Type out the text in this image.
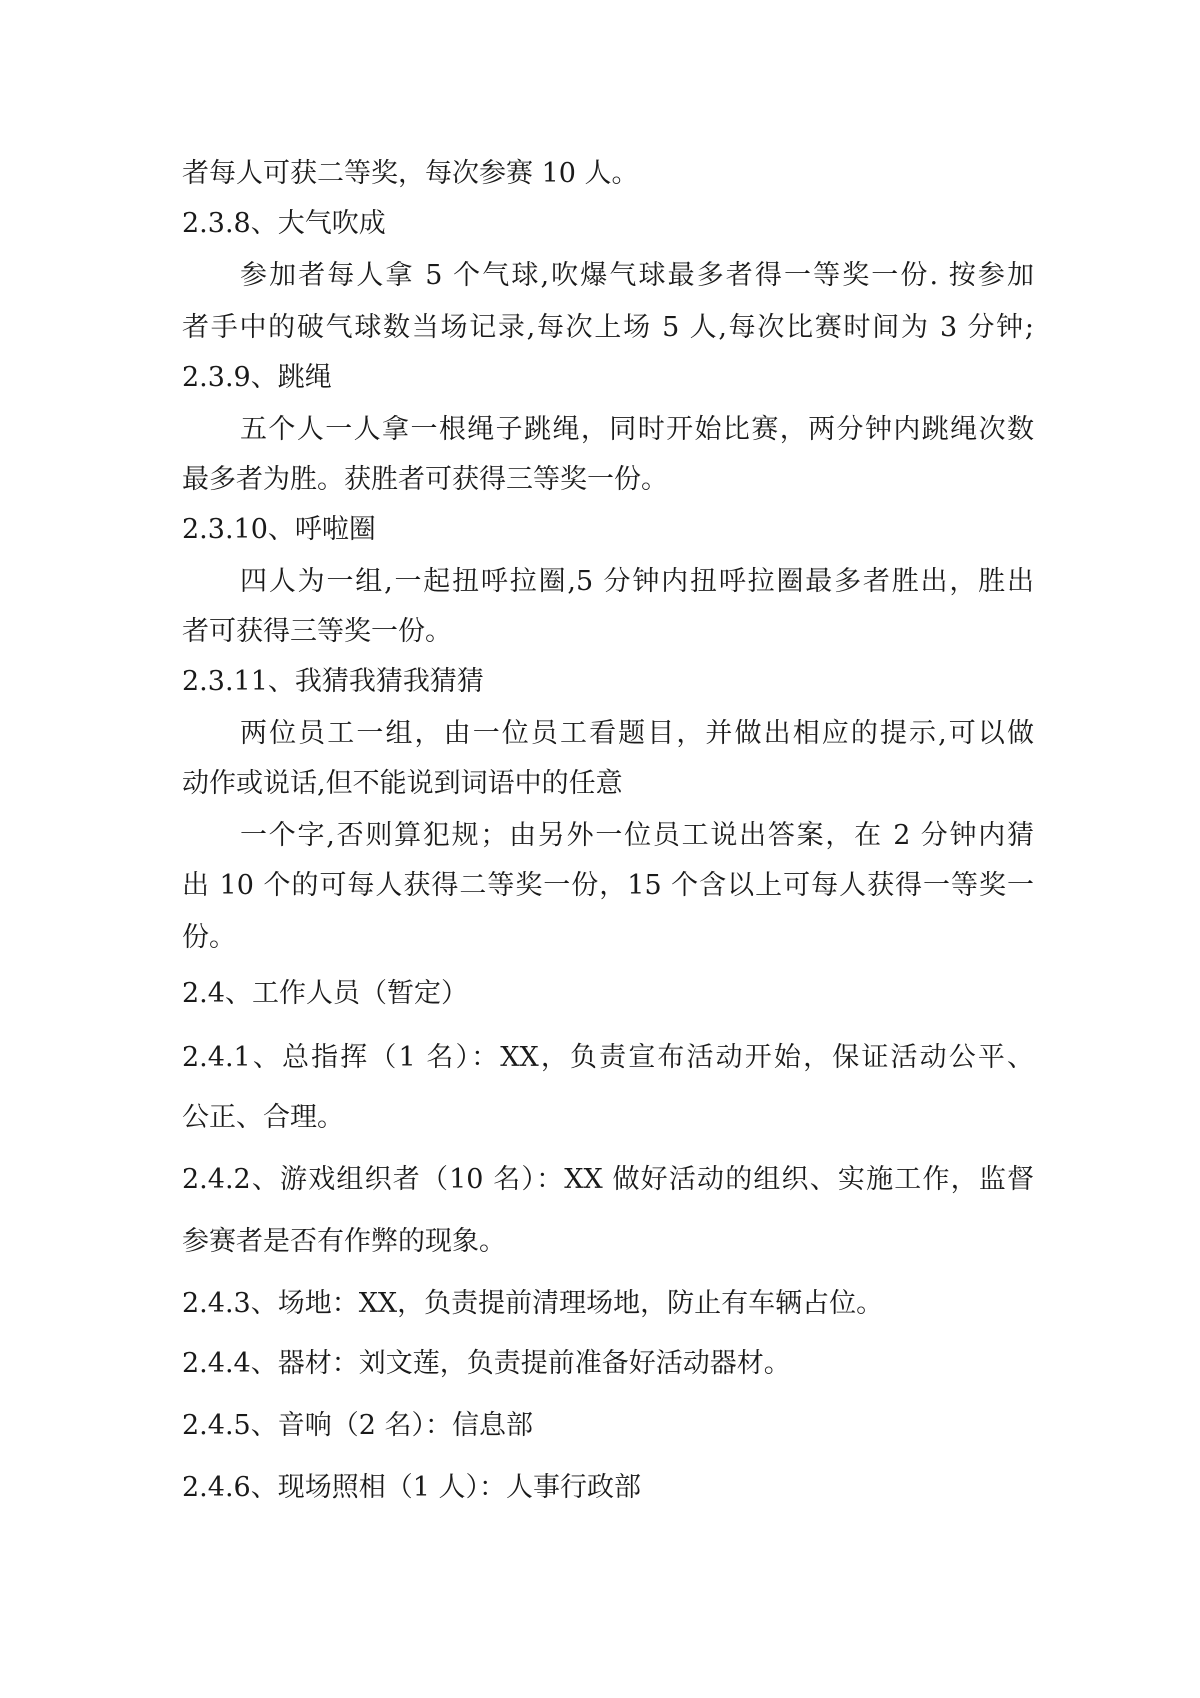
者每人可获二等奖，每次参赛 10 人。

2.3.8、大气吹成

参加者每人拿 5 个气球,吹爆气球最多者得一等奖一份. 按参加

者手中的破气球数当场记录,每次上场 5 人,每次比赛时间为 3 分钟;

2.3.9、跳绳

五个人一人拿一根绳子跳绳，同时开始比赛，两分钟内跳绳次数

最多者为胜。获胜者可获得三等奖一份。

2.3.10、呼啦圈

四人为一组,一起扭呼拉圈,5 分钟内扭呼拉圈最多者胜出，胜出

者可获得三等奖一份。

2.3.11、我猜我猜我猜猜

两位员工一组，由一位员工看题目，并做出相应的提示,可以做

动作或说话,但不能说到词语中的任意

一个字,否则算犯规；由另外一位员工说出答案，在 2 分钟内猜

出 10 个的可每人获得二等奖一份，15 个含以上可每人获得一等奖一

份。

2.4、工作人员（暂定）

2.4.1、总指挥（1 名）：XX，负责宣布活动开始，保证活动公平、

公正、合理。

2.4.2、游戏组织者（10 名）：XX 做好活动的组织、实施工作，监督

参赛者是否有作弊的现象。

2.4.3、场地：XX，负责提前清理场地，防止有车辆占位。

2.4.4、器材：刘文莲，负责提前准备好活动器材。

2.4.5、音响（2 名）：信息部

2.4.6、现场照相（1 人）：人事行政部
